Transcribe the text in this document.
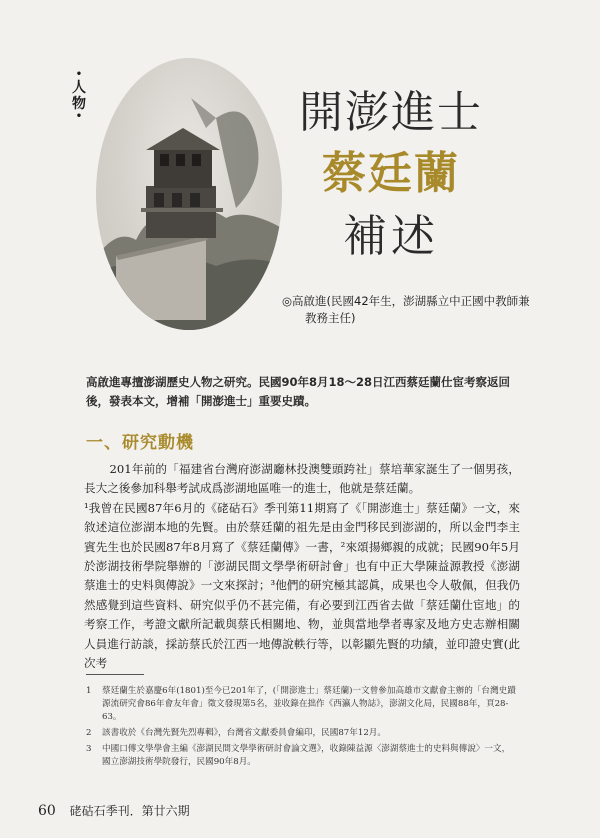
•
人
物
•	開澎進士
蔡廷蘭
補述
◎高啟進(民國42年生，澎湖縣立中正國中教師兼
教務主任)
高啟進專擅澎湖歷史人物之研究。民國90年8月18～28日江西蔡廷蘭仕宦考察返回後，發表本文，增補「開澎進士」重要史蹟。
一、研究動機

201年前的「福建省台灣府澎湖廳林投澳雙頭跨社」蔡培華家誕生了一個男孩，長大之後參加科舉考試成爲澎湖地區唯一的進士，他就是蔡廷蘭。

¹我曾在民國87年6月的《硓𥑮石》季刊第11期寫了《「開澎進士」蔡廷蘭》一文，來敘述這位澎湖本地的先賢。由於蔡廷蘭的祖先是由金門移民到澎湖的，所以金門李主賓先生也於民國87年8月寫了《蔡廷蘭傳》一書，²來頌揚鄉親的成就；民國90年5月於澎湖技術學院舉辦的「澎湖民間文學學術研討會」也有中正大學陳益源教授《澎湖蔡進士的史料與傳說》一文來探討；³他們的研究極其認眞，成果也令人敬佩，但我仍然感覺到這些資料、研究似乎仍不甚完備，有必要到江西省去做「蔡廷蘭仕宦地」的考察工作，考證文獻所記載與蔡氏相關地、物，並與當地學者專家及地方史志辦相關人員進行訪談，採訪蔡氏於江西一地傳說軼行等，以彰顯先賢的功績，並印證史實(此次考

1	蔡廷蘭生於嘉慶6年(1801)至今已201年了，(「開澎進士」蔡廷蘭)一文曾參加高雄市文獻會主辦的「台灣史蹟源流研究會86年會友年會」徵文發現第5名，並收錄在拙作《西瀛人物誌》，澎湖文化局，民國88年，頁28-63。
2	該書收於《台灣先賢先烈專輯》，台灣省文獻委員會編印，民國87年12月。
3	中國口傳文學學會主編《澎湖民間文學學術研討會論文選》，收錄陳益源〈澎湖蔡進士的史料與傳說〉一文，國立澎湖技術學院發行，民國90年8月。
60 硓𥑮石季刊．第廿六期
